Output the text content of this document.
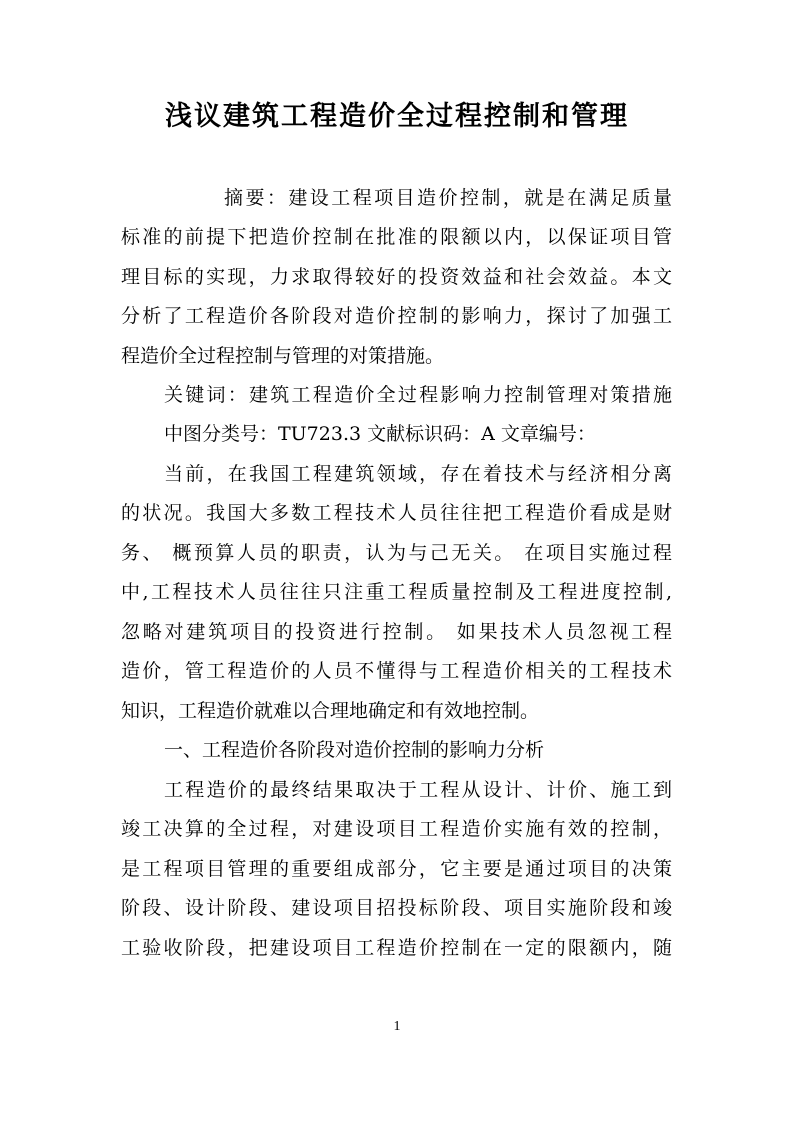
浅议建筑工程造价全过程控制和管理
摘要：建设工程项目造价控制，就是在满足质量
标准的前提下把造价控制在批准的限额以内，以保证项目管
理目标的实现，力求取得较好的投资效益和社会效益。本文
分析了工程造价各阶段对造价控制的影响力，探讨了加强工
程造价全过程控制与管理的对策措施。
关键词：建筑工程造价全过程影响力控制管理对策措施
中图分类号：TU723.3 文献标识码：A 文章编号：
当前，在我国工程建筑领域，存在着技术与经济相分离
的状况。我国大多数工程技术人员往往把工程造价看成是财
务、 概预算人员的职责，认为与己无关。 在项目实施过程
中,工程技术人员往往只注重工程质量控制及工程进度控制,
忽略对建筑项目的投资进行控制。 如果技术人员忽视工程
造价，管工程造价的人员不懂得与工程造价相关的工程技术
知识，工程造价就难以合理地确定和有效地控制。
一、工程造价各阶段对造价控制的影响力分析
工程造价的最终结果取决于工程从设计、计价、施工到
竣工决算的全过程，对建设项目工程造价实施有效的控制，
是工程项目管理的重要组成部分，它主要是通过项目的决策
阶段、设计阶段、建设项目招投标阶段、项目实施阶段和竣
工验收阶段，把建设项目工程造价控制在一定的限额内，随
1
